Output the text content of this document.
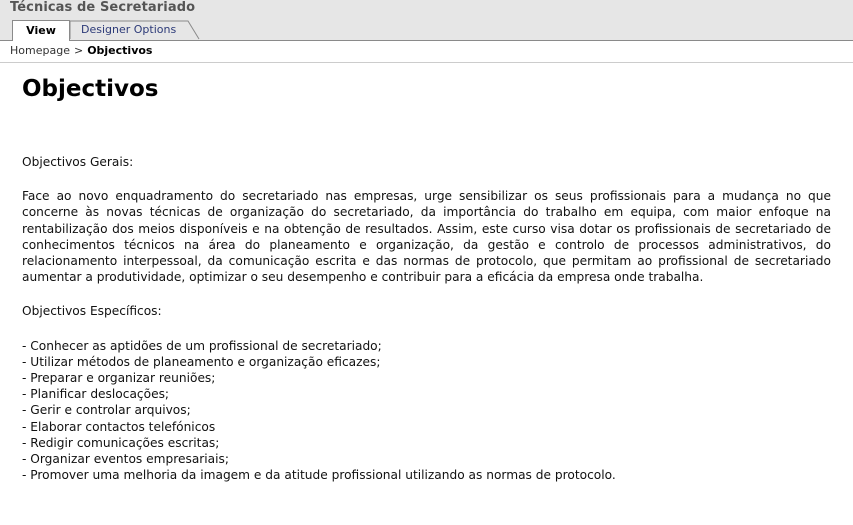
Técnicas de Secretariado
View	Designer Options
Homepage > Objectivos
Objectivos

Objectivos Gerais:

Face ao novo enquadramento do secretariado nas empresas, urge sensibilizar os seus profissionais para a mudança no que concerne às novas técnicas de organização do secretariado, da importância do trabalho em equipa, com maior enfoque na rentabilização dos meios disponíveis e na obtenção de resultados. Assim, este curso visa dotar os profissionais de secretariado de conhecimentos técnicos na área do planeamento e organização, da gestão e controlo de processos administrativos, do relacionamento interpessoal, da comunicação escrita e das normas de protocolo, que permitam ao profissional de secretariado aumentar a produtividade, optimizar o seu desempenho e contribuir para a eficácia da empresa onde trabalha.

Objectivos Específicos:

- Conhecer as aptidões de um profissional de secretariado;
- Utilizar métodos de planeamento e organização eficazes;
- Preparar e organizar reuniões;
- Planificar deslocações;
- Gerir e controlar arquivos;
- Elaborar contactos telefónicos
- Redigir comunicações escritas;
- Organizar eventos empresariais;
- Promover uma melhoria da imagem e da atitude profissional utilizando as normas de protocolo.
